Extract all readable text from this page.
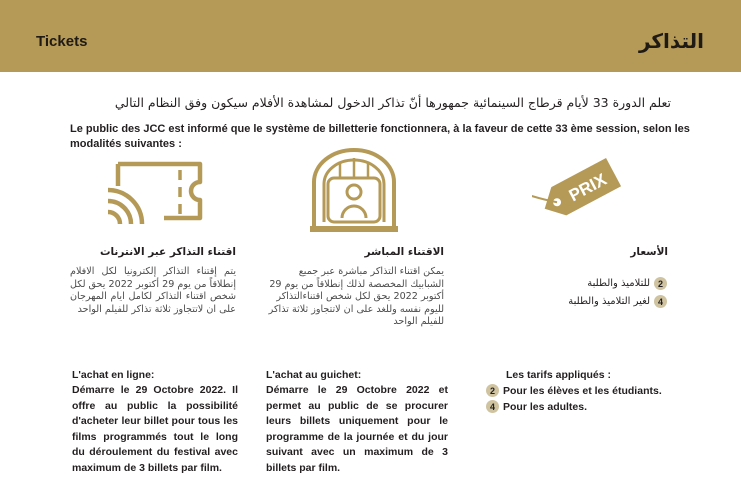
Tickets	التذاكر
تعلم الدورة 33 لأيام قرطاج السينمائية جمهورها أنّ تذاكر الدخول لمشاهدة الأفلام سيكون وفق النظام التالي
Le public des JCC est informé que le système de billetterie fonctionnera, à la faveur de cette 33 ème session, selon les modalités suivantes :
PRIX
اقتناء التذاكر عبر الانترنات
يتم إقتناء التذاكر إلكترونيا لكل الافلام إنطلاقاً من يوم 29 أكتوبر 2022 يحق لكل شخص اقتناء التذاكر لكامل ايام المهرجان على ان لاتتجاوز ثلاثة تذاكر للفيلم الواحد
الاقتناء المباشر
يمكن اقتناء التذاكر مباشرة عبر جميع الشبابيك المخصصة لذلك إنطلاقاً من يوم 29 أكتوبر 2022 يحق لكل شخص اقتناءالتذاكر لليوم نفسه وللغد على ان لاتتجاوز ثلاثة تذاكر للفيلم الواحد
الأسعار
2
للتلاميذ والطلبة
4
لغير التلاميذ والطلبة
L'achat en ligne:
Démarre le 29 Octobre 2022. Il offre au public la possibilité d'acheter leur billet pour tous les films programmés tout le long du déroulement du festival avec maximum de 3 billets par film.
L'achat au guichet:
Démarre le 29 Octobre 2022 et permet au public de se procurer leurs billets uniquement pour le programme de la journée et du jour suivant avec un maximum de 3 billets par film.
Les tarifs appliqués :
2 Pour les élèves et les étudiants.
4 Pour les adultes.
